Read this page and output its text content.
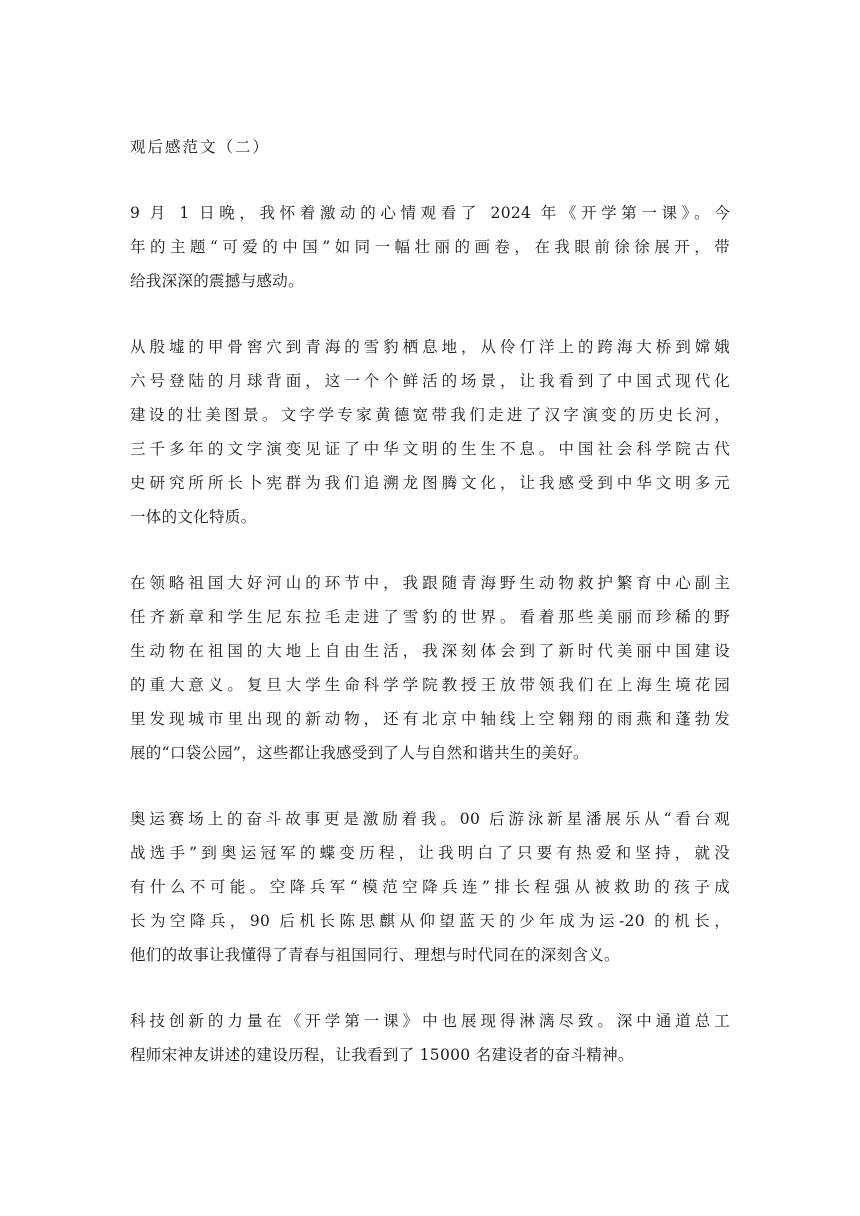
观后感范文（二）
9 月 1 日晚，我怀着激动的心情观看了 2024 年《开学第一课》。今
年的主题“可爱的中国”如同一幅壮丽的画卷，在我眼前徐徐展开，带
给我深深的震撼与感动。
从殷墟的甲骨窖穴到青海的雪豹栖息地，从伶仃洋上的跨海大桥到嫦娥
六号登陆的月球背面，这一个个鲜活的场景，让我看到了中国式现代化
建设的壮美图景。文字学专家黄德宽带我们走进了汉字演变的历史长河，
三千多年的文字演变见证了中华文明的生生不息。中国社会科学院古代
史研究所所长卜宪群为我们追溯龙图腾文化，让我感受到中华文明多元
一体的文化特质。
在领略祖国大好河山的环节中，我跟随青海野生动物救护繁育中心副主
任齐新章和学生尼东拉毛走进了雪豹的世界。看着那些美丽而珍稀的野
生动物在祖国的大地上自由生活，我深刻体会到了新时代美丽中国建设
的重大意义。复旦大学生命科学学院教授王放带领我们在上海生境花园
里发现城市里出现的新动物，还有北京中轴线上空翱翔的雨燕和蓬勃发
展的“口袋公园”，这些都让我感受到了人与自然和谐共生的美好。
奥运赛场上的奋斗故事更是激励着我。00 后游泳新星潘展乐从“看台观
战选手”到奥运冠军的蝶变历程，让我明白了只要有热爱和坚持，就没
有什么不可能。空降兵军“模范空降兵连”排长程强从被救助的孩子成
长为空降兵，90 后机长陈思麒从仰望蓝天的少年成为运-20 的机长，
他们的故事让我懂得了青春与祖国同行、理想与时代同在的深刻含义。
科技创新的力量在《开学第一课》中也展现得淋漓尽致。深中通道总工
程师宋神友讲述的建设历程，让我看到了 15000 名建设者的奋斗精神。
